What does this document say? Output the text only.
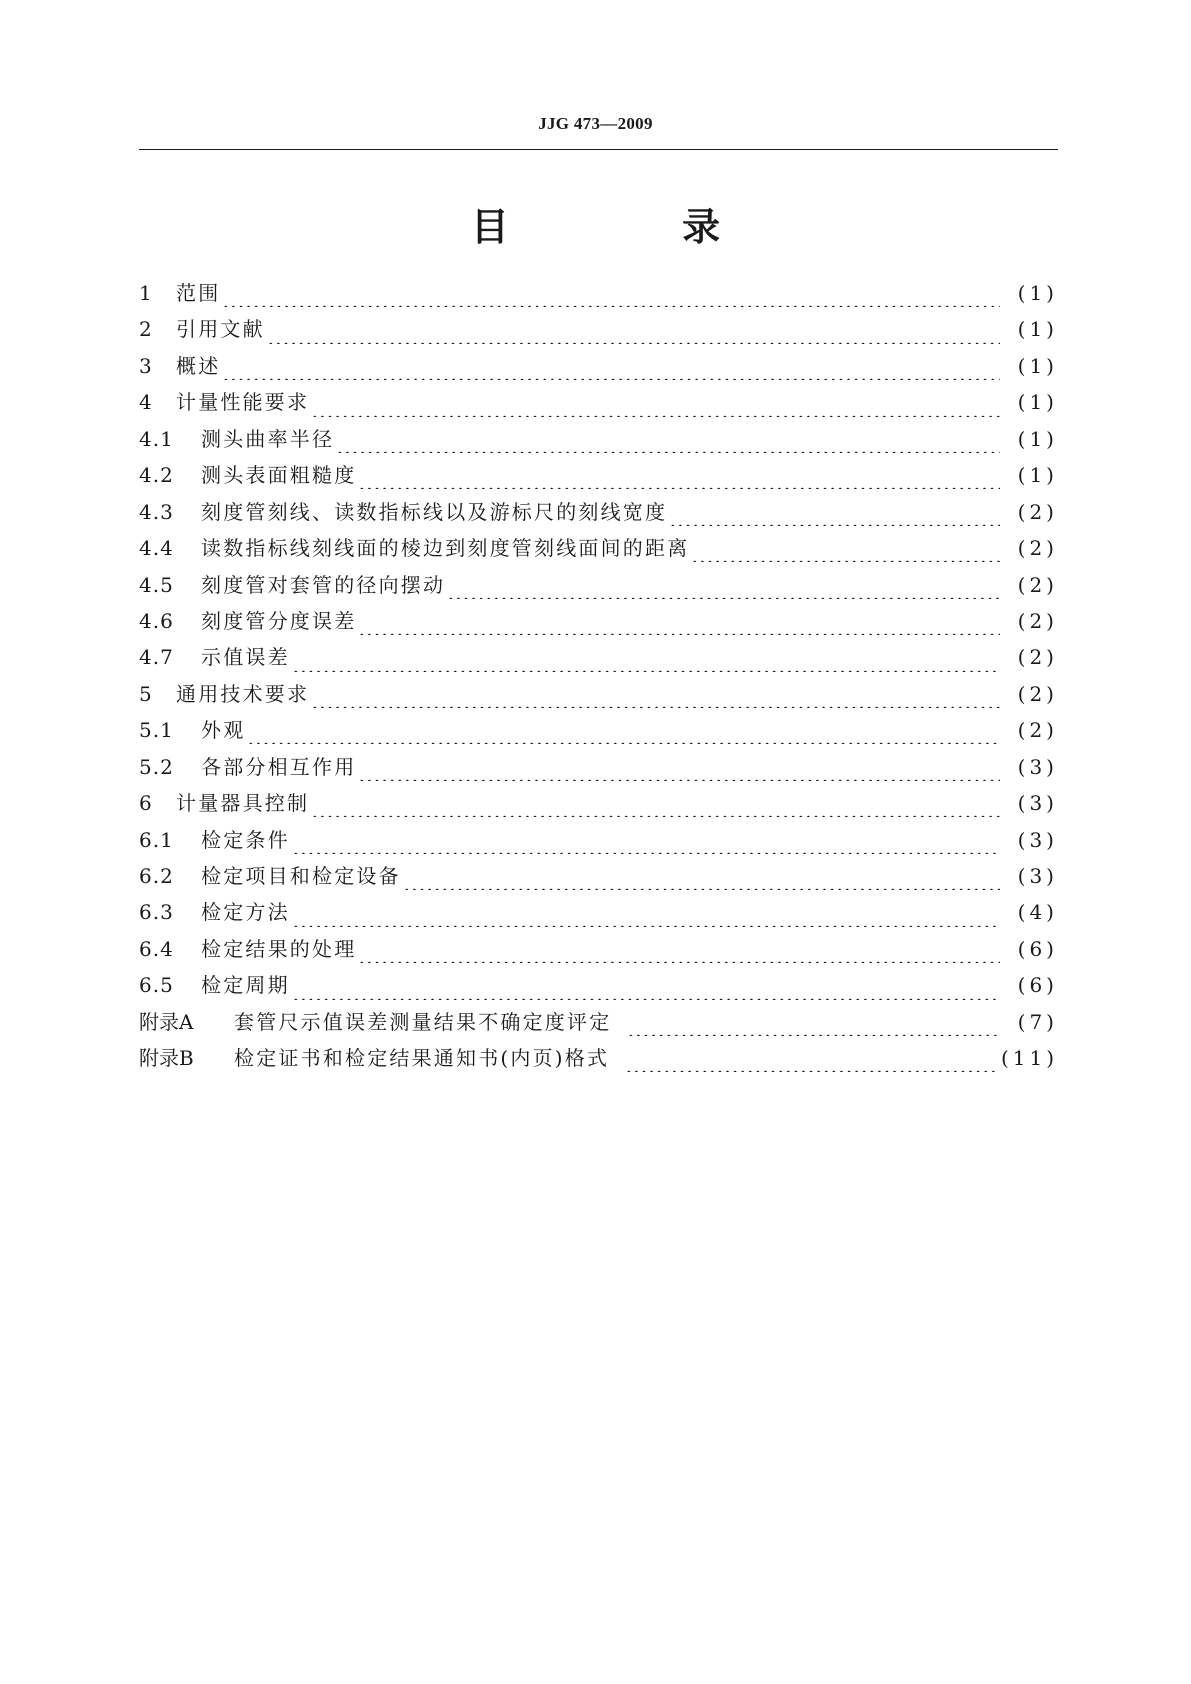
JJG 473—2009
目 录
1	范围	(1)
2	引用文献	(1)
3	概述	(1)
4	计量性能要求	(1)
4.1	测头曲率半径	(1)
4.2	测头表面粗糙度	(1)
4.3	刻度管刻线、读数指标线以及游标尺的刻线宽度	(2)
4.4	读数指标线刻线面的棱边到刻度管刻线面间的距离	(2)
4.5	刻度管对套管的径向摆动	(2)
4.6	刻度管分度误差	(2)
4.7	示值误差	(2)
5	通用技术要求	(2)
5.1	外观	(2)
5.2	各部分相互作用	(3)
6	计量器具控制	(3)
6.1	检定条件	(3)
6.2	检定项目和检定设备	(3)
6.3	检定方法	(4)
6.4	检定结果的处理	(6)
6.5	检定周期	(6)
附录A	套管尺示值误差测量结果不确定度评定	(7)
附录B	检定证书和检定结果通知书(内页)格式	(11)
